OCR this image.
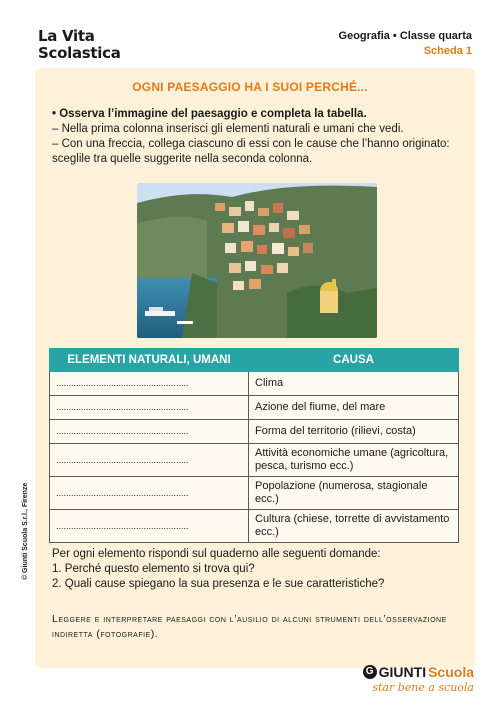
La Vita
Scolastica
Geografia • Classe quarta
Scheda 1
OGNI PAESAGGIO HA I SUOI PERCHÉ...

• Osserva l’immagine del paesaggio e completa la tabella.

– Nella prima colonna inserisci gli elementi naturali e umani che vedi.

– Con una freccia, collega ciascuno di essi con le cause che l’hanno originato: sceglile tra quelle suggerite nella seconda colonna.

ELEMENTI NATURALI, UMANI	CAUSA

.....................................................	Clima

.....................................................	Azione del fiume, del mare

.....................................................	Forma del territorio (rilievi, costa)

.....................................................	Attività economiche umane (agricoltura, pesca, turismo ecc.)

.....................................................	Popolazione (numerosa, stagionale ecc.)

.....................................................	Cultura (chiese, torrette di avvistamento ecc.)

Per ogni elemento rispondi sul quaderno alle seguenti domande:

1. Perché questo elemento si trova qui?

2. Quali cause spiegano la sua presenza e le sue caratteristiche?

Leggere e interpretare paesaggi con l’ausilio di alcuni strumenti dell’osservazione indiretta (fotografie).
© Giunti Scuola S.r.l., Firenze
G GIUNTI Scuola
star bene a scuola
